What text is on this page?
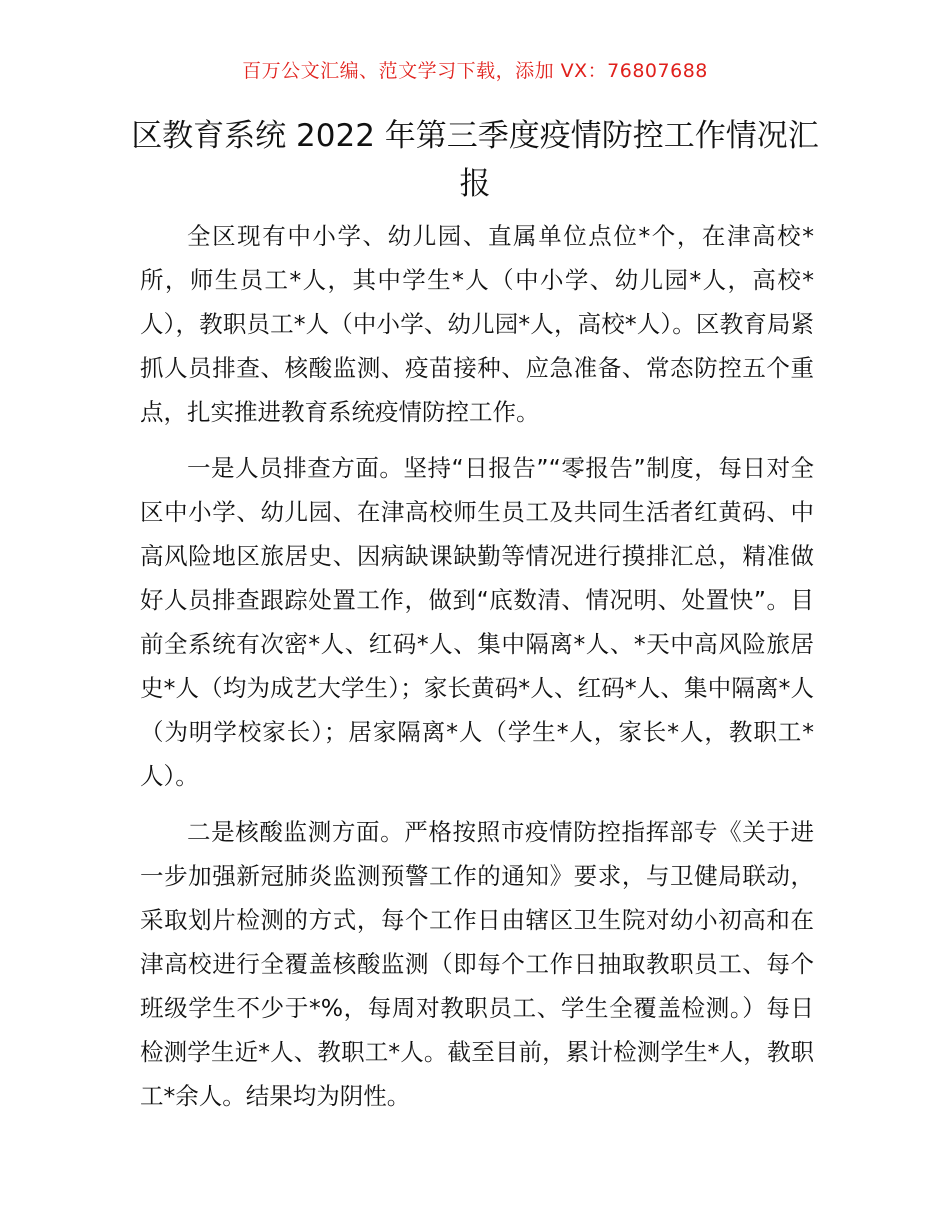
百万公文汇编、范文学习下载，添加 VX：76807688
区教育系统 2022 年第三季度疫情防控工作情况汇报

全区现有中小学、幼儿园、直属单位点位*个，在津高校*所，师生员工*人，其中学生*人（中小学、幼儿园*人，高校*人），教职员工*人（中小学、幼儿园*人，高校*人）。区教育局紧抓人员排查、核酸监测、疫苗接种、应急准备、常态防控五个重点，扎实推进教育系统疫情防控工作。

一是人员排查方面。坚持“日报告”“零报告”制度，每日对全区中小学、幼儿园、在津高校师生员工及共同生活者红黄码、中高风险地区旅居史、因病缺课缺勤等情况进行摸排汇总，精准做好人员排查跟踪处置工作，做到“底数清、情况明、处置快”。目前全系统有次密*人、红码*人、集中隔离*人、*天中高风险旅居史*人（均为成艺大学生）；家长黄码*人、红码*人、集中隔离*人（为明学校家长）；居家隔离*人（学生*人，家长*人，教职工*人）。

二是核酸监测方面。严格按照市疫情防控指挥部专《关于进一步加强新冠肺炎监测预警工作的通知》要求，与卫健局联动，采取划片检测的方式，每个工作日由辖区卫生院对幼小初高和在津高校进行全覆盖核酸监测（即每个工作日抽取教职员工、每个班级学生不少于*%，每周对教职员工、学生全覆盖检测。）每日检测学生近*人、教职工*人。截至目前，累计检测学生*人，教职工*余人。结果均为阴性。
